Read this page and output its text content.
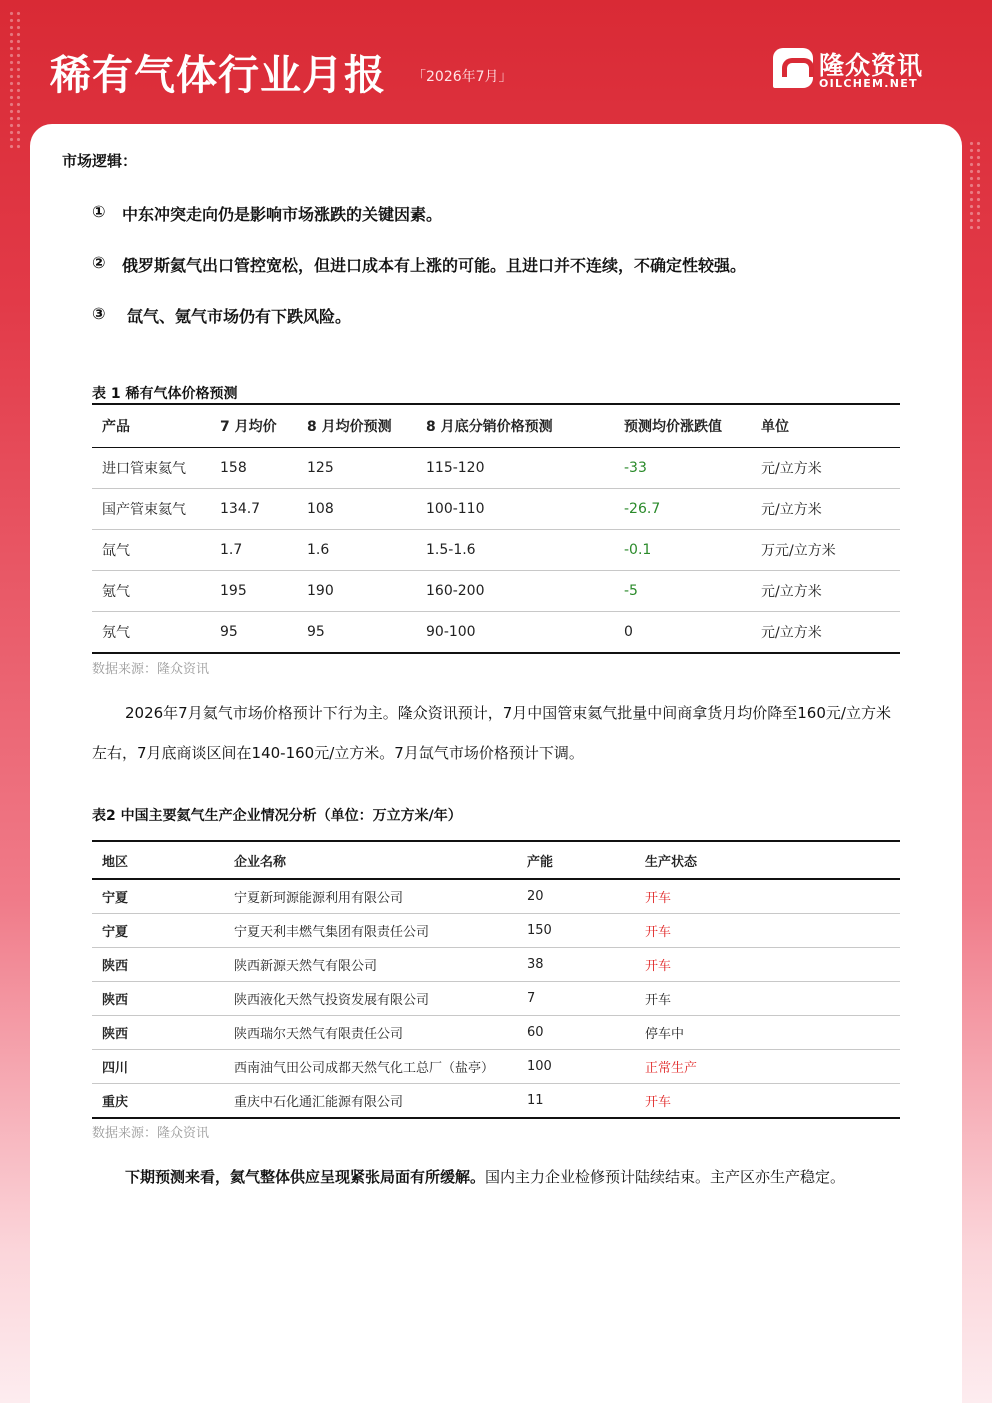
稀有气体行业月报 「2026年7月」	隆众资讯
OILCHEM.NET
市场逻辑：
①	中东冲突走向仍是影响市场涨跌的关键因素。
②	俄罗斯氦气出口管控宽松，但进口成本有上涨的可能。且进口并不连续，不确定性较强。
③	氙气、氪气市场仍有下跌风险。
表 1 稀有气体价格预测
产品	7 月均价	8 月均价预测	8 月底分销价格预测	预测均价涨跌值	单位
进口管束氦气	158	125	115-120	-33	元/立方米
国产管束氦气	134.7	108	100-110	-26.7	元/立方米
氙气	1.7	1.6	1.5-1.6	-0.1	万元/立方米
氪气	195	190	160-200	-5	元/立方米
氖气	95	95	90-100	0	元/立方米
数据来源：隆众资讯
2026年7月氦气市场价格预计下行为主。隆众资讯预计，7月中国管束氦气批量中间商拿货月均价降至160元/立方米左右，7月底商谈区间在140-160元/立方米。7月氙气市场价格预计下调。
表2 中国主要氦气生产企业情况分析（单位：万立方米/年）
地区	企业名称	产能	生产状态
宁夏	宁夏新珂源能源利用有限公司	20	开车
宁夏	宁夏天利丰燃气集团有限责任公司	150	开车
陕西	陕西新源天然气有限公司	38	开车
陕西	陕西液化天然气投资发展有限公司	7	开车
陕西	陕西瑞尔天然气有限责任公司	60	停车中
四川	西南油气田公司成都天然气化工总厂（盐亭）	100	正常生产
重庆	重庆中石化通汇能源有限公司	11	开车
数据来源：隆众资讯
下期预测来看，氦气整体供应呈现紧张局面有所缓解。国内主力企业检修预计陆续结束。主产区亦生产稳定。
